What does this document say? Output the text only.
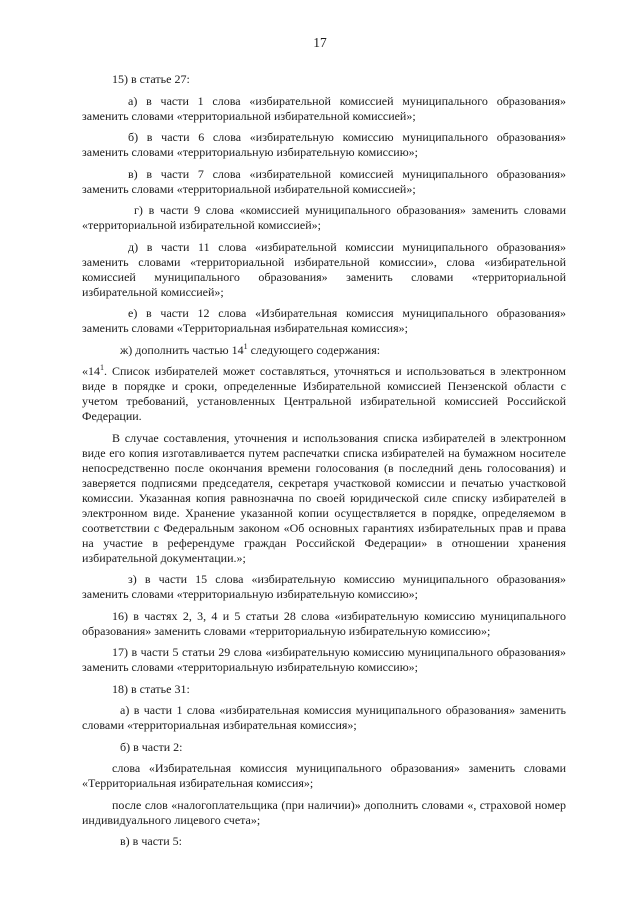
17

15) в статье 27:

а) в части 1 слова «избирательной комиссией муниципального образования» заменить словами «территориальной избирательной комиссией»;

б) в части 6 слова «избирательную комиссию муниципального образования» заменить словами «территориальную избирательную комиссию»;

в) в части 7 слова «избирательной комиссией муниципального образования» заменить словами «территориальной избирательной комиссией»;

г) в части 9 слова «комиссией муниципального образования» заменить словами «территориальной избирательной комиссией»;

д) в части 11 слова «избирательной комиссии муниципального образования» заменить словами «территориальной избирательной комиссии», слова «избирательной комиссией муниципального образования» заменить словами «территориальной избирательной комиссией»;

е) в части 12 слова «Избирательная комиссия муниципального образования» заменить словами «Территориальная избирательная комиссия»;

ж) дополнить частью $14^1$ следующего содержания:

«$14^1$. Список избирателей может составляться, уточняться и использоваться в электронном виде в порядке и сроки, определенные Избирательной комиссией Пензенской области с учетом требований, установленных Центральной избирательной комиссией Российской Федерации.

В случае составления, уточнения и использования списка избирателей в электронном виде его копия изготавливается путем распечатки списка избирателей на бумажном носителе непосредственно после окончания времени голосования (в последний день голосования) и заверяется подписями председателя, секретаря участковой комиссии и печатью участковой комиссии. Указанная копия равнозначна по своей юридической силе списку избирателей в электронном виде. Хранение указанной копии осуществляется в порядке, определяемом в соответствии с Федеральным законом «Об основных гарантиях избирательных прав и права на участие в референдуме граждан Российской Федерации» в отношении хранения избирательной документации.»;

з) в части 15 слова «избирательную комиссию муниципального образования» заменить словами «территориальную избирательную комиссию»;

16) в частях 2, 3, 4 и 5 статьи 28 слова «избирательную комиссию муниципального образования» заменить словами «территориальную избирательную комиссию»;

17) в части 5 статьи 29 слова «избирательную комиссию муниципального образования» заменить словами «территориальную избирательную комиссию»;

18) в статье 31:

а) в части 1 слова «избирательная комиссия муниципального образования» заменить словами «территориальная избирательная комиссия»;

б) в части 2:

слова «Избирательная комиссия муниципального образования» заменить словами «Территориальная избирательная комиссия»;

после слов «налогоплательщика (при наличии)» дополнить словами «, страховой номер индивидуального лицевого счета»;

в) в части 5:
